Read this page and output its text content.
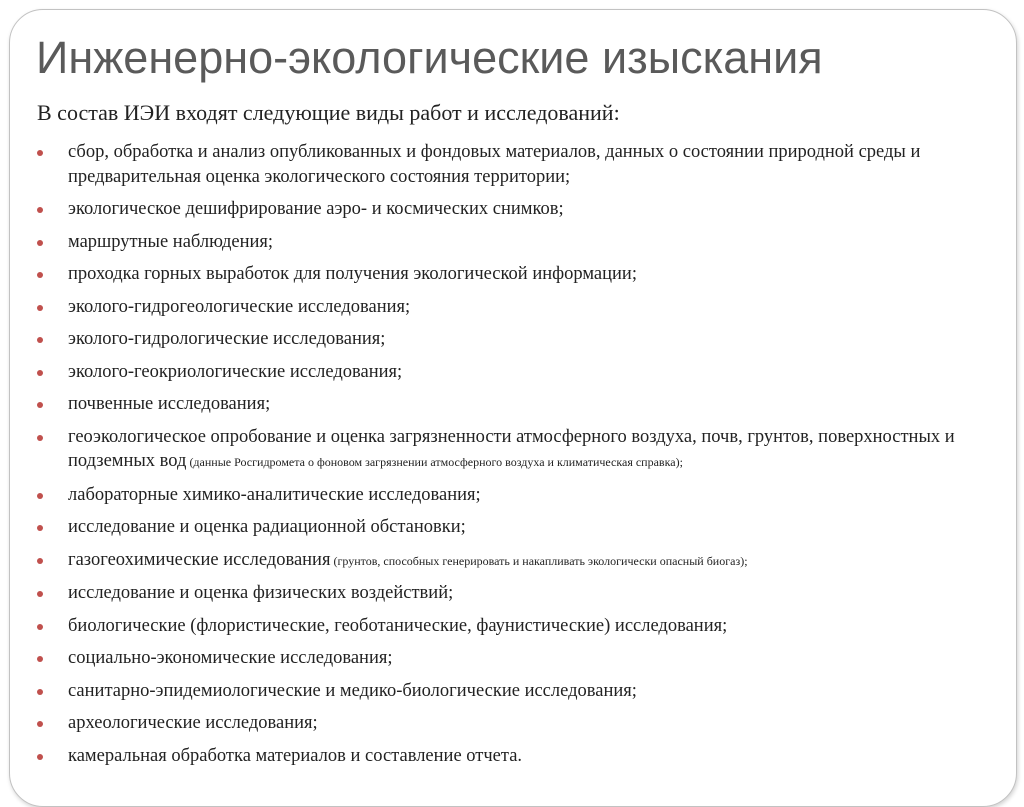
Инженерно-экологические изыскания

В состав ИЭИ входят следующие виды работ и исследований:

сбор, обработка и анализ опубликованных и фондовых материалов, данных о состоянии природной среды и предварительная оценка экологического состояния территории;
экологическое дешифрирование аэро- и космических снимков;
маршрутные наблюдения;
проходка горных выработок для получения экологической информации;
эколого-гидрогеологические исследования;
эколого-гидрологические исследования;
эколого-геокриологические исследования;
почвенные исследования;
геоэкологическое опробование и оценка загрязненности атмосферного воздуха, почв, грунтов, поверхностных и подземных вод (данные Росгидромета о фоновом загрязнении атмосферного воздуха и климатическая справка);
лабораторные химико-аналитические исследования;
исследование и оценка радиационной обстановки;
газогеохимические исследования (грунтов, способных генерировать и накапливать экологически опасный биогаз);
исследование и оценка физических воздействий;
биологические (флористические, геоботанические, фаунистические) исследования;
социально-экономические исследования;
санитарно-эпидемиологические и медико-биологические исследования;
археологические исследования;
камеральная обработка материалов и составление отчета.
